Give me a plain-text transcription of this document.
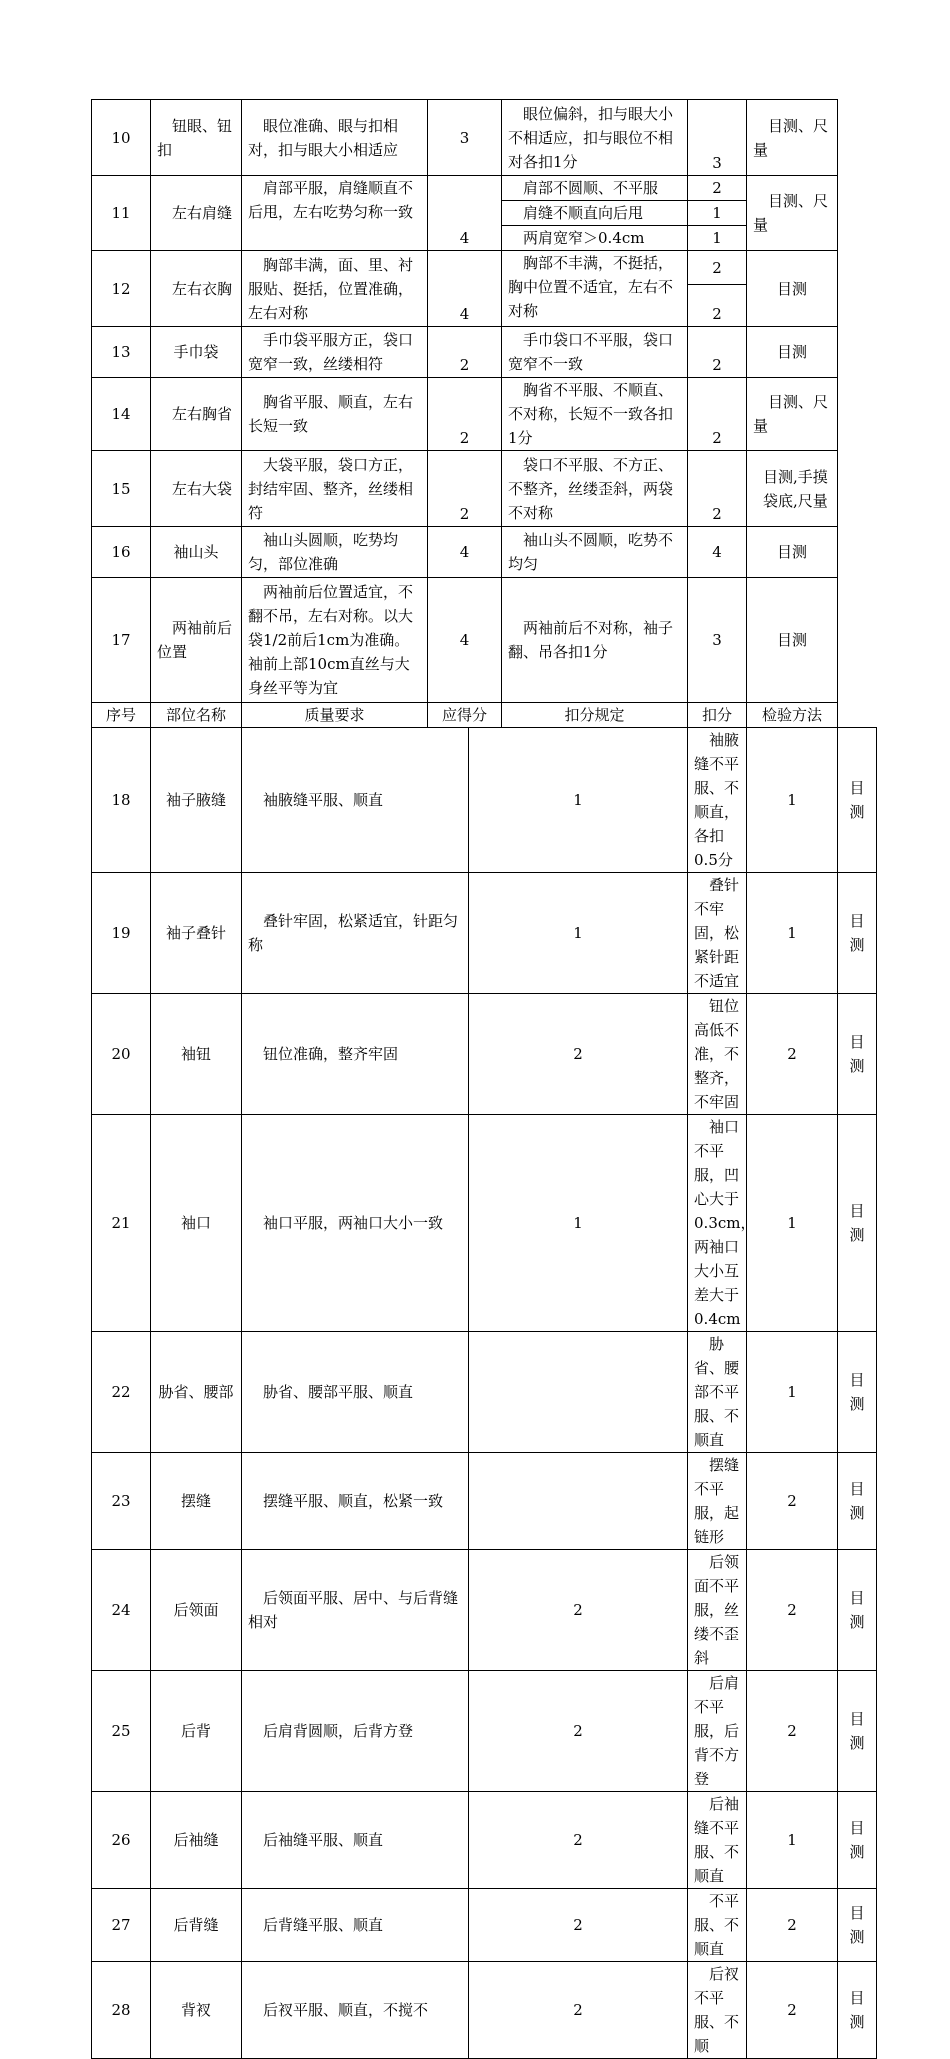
10	钮眼、钮扣	眼位准确、眼与扣相对，扣与眼大小相适应	3		眼位偏斜，扣与眼大小不相适应，扣与眼位不相对各扣1分	3	目测、尺量	
11	左右肩缝	肩部平服，肩缝顺直不后甩，左右吃势匀称一致	4		肩部不圆顺、不平服	2	目测、尺量	
					肩缝不顺直向后甩	1		
					两肩宽窄＞0.4cm	1		
12	左右衣胸	胸部丰满，面、里、衬服贴、挺括，位置准确，左右对称	4		胸部不丰满，不挺括，胸中位置不适宜，左右不对称	2	目测	
						2		
13	手巾袋	手巾袋平服方正，袋口宽窄一致，丝缕相符	2		手巾袋口不平服，袋口宽窄不一致	2	目测	
14	左右胸省	胸省平服、顺直，左右长短一致	2		胸省不平服、不顺直、不对称，长短不一致各扣1分	2	目测、尺量	
15	左右大袋	大袋平服，袋口方正，封结牢固、整齐，丝缕相符	2		袋口不平服、不方正、不整齐，丝缕歪斜，两袋不对称	2	目测,手摸袋底,尺量	
16	袖山头	袖山头圆顺，吃势均匀，部位准确	4		袖山头不圆顺，吃势不均匀	4	目测	
17	两袖前后位置	两袖前后位置适宜，不翻不吊，左右对称。以大袋1/2前后1cm为准确。袖前上部10cm直丝与大身丝平等为宜	4		两袖前后不对称，袖子翻、吊各扣1分	3	目测	
序号	部位名称	质量要求	应得分		扣分规定	扣分	检验方法	
18	袖子腋缝	袖腋缝平服、顺直		1		袖腋缝不平服、不顺直，各扣0.5分	1	目测
19	袖子叠针	叠针牢固，松紧适宜，针距匀称		1		叠针不牢固，松紧针距不适宜	1	目测
20	袖钮	钮位准确，整齐牢固		2		钮位高低不准，不整齐，不牢固	2	目测
21	袖口	袖口平服，两袖口大小一致		1		袖口不平服，凹心大于0.3cm，两袖口大小互差大于0.4cm	1	目测
22	胁省、腰部	胁省、腰部平服、顺直				胁省、腰部不平服、不顺直	1	目测
23	摆缝	摆缝平服、顺直，松紧一致				摆缝不平服，起链形	2	目测
24	后领面	后领面平服、居中、与后背缝相对		2		后领面不平服，丝缕不歪斜	2	目测
25	后背	后肩背圆顺，后背方登		2		后肩不平服，后背不方登	2	目测
26	后袖缝	后袖缝平服、顺直		2		后袖缝不平服、不顺直	1	目测
27	后背缝	后背缝平服、顺直		2		不平服、不顺直	2	目测
28	背衩	后衩平服、顺直，不搅不		2		后衩不平服、不顺	2	目测
